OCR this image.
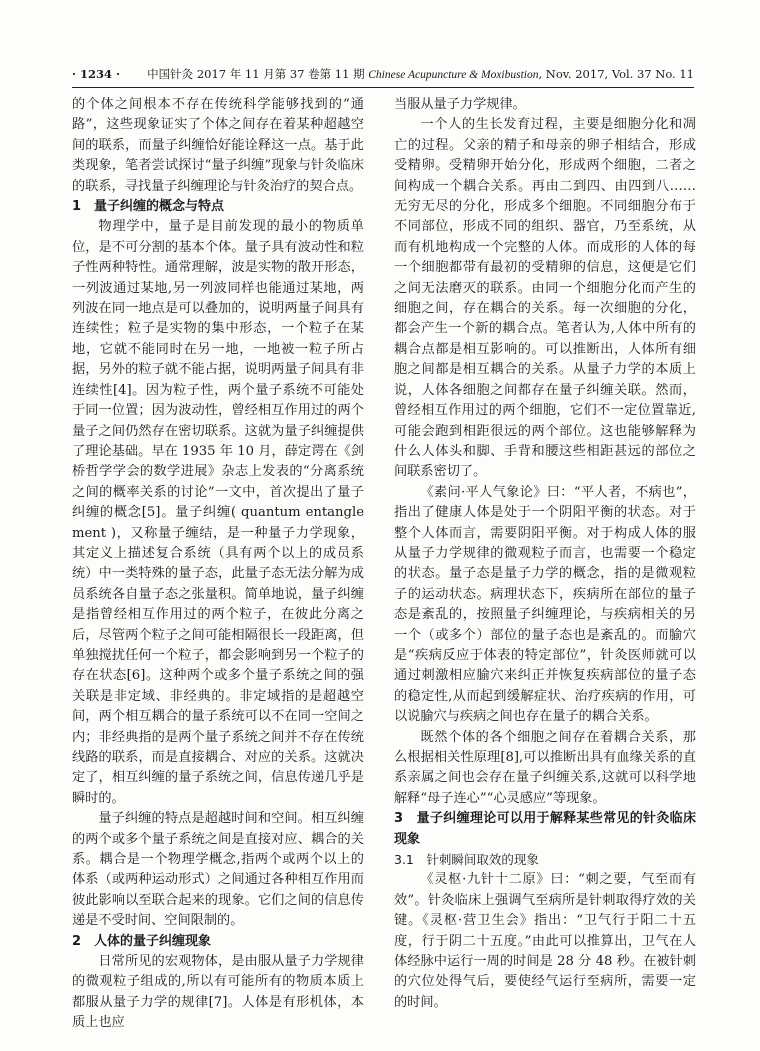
· 1234 · 中国针灸 2017 年 11 月第 37 卷第 11 期 Chinese Acupuncture & Moxibustion, Nov. 2017, Vol. 37 No. 11

的个体之间根本不存在传统科学能够找到的“通路”，这些现象证实了个体之间存在着某种超越空间的联系，而量子纠缠恰好能诠释这一点。基于此类现象，笔者尝试探讨“量子纠缠”现象与针灸临床的联系，寻找量子纠缠理论与针灸治疗的契合点。

1　量子纠缠的概念与特点

物理学中，量子是目前发现的最小的物质单位，是不可分割的基本个体。量子具有波动性和粒子性两种特性。通常理解，波是实物的散开形态，一列波通过某地,另一列波同样也能通过某地，两列波在同一地点是可以叠加的，说明两量子间具有连续性；粒子是实物的集中形态，一个粒子在某地，它就不能同时在另一地，一地被一粒子所占据，另外的粒子就不能占据，说明两量子间具有非连续性[4]。因为粒子性，两个量子系统不可能处于同一位置；因为波动性，曾经相互作用过的两个量子之间仍然存在密切联系。这就为量子纠缠提供了理论基础。早在 1935 年 10 月，薛定谔在《剑桥哲学学会的数学进展》杂志上发表的“分离系统之间的概率关系的讨论”一文中，首次提出了量子纠缠的概念[5]。量子纠缠( quantum entanglement )，又称量子缠结，是一种量子力学现象，其定义上描述复合系统（具有两个以上的成员系统）中一类特殊的量子态，此量子态无法分解为成员系统各自量子态之张量积。简单地说，量子纠缠是指曾经相互作用过的两个粒子，在彼此分离之后，尽管两个粒子之间可能相隔很长一段距离，但单独搅扰任何一个粒子，都会影响到另一个粒子的存在状态[6]。这种两个或多个量子系统之间的强关联是非定域、非经典的。非定域指的是超越空间，两个相互耦合的量子系统可以不在同一空间之内；非经典指的是两个量子系统之间并不存在传统线路的联系，而是直接耦合、对应的关系。这就决定了，相互纠缠的量子系统之间，信息传递几乎是瞬时的。

量子纠缠的特点是超越时间和空间。相互纠缠的两个或多个量子系统之间是直接对应、耦合的关系。耦合是一个物理学概念,指两个或两个以上的体系（或两种运动形式）之间通过各种相互作用而彼此影响以至联合起来的现象。它们之间的信息传递是不受时间、空间限制的。

2　人体的量子纠缠现象

日常所见的宏观物体，是由服从量子力学规律的微观粒子组成的,所以有可能所有的物质本质上都服从量子力学的规律[7]。人体是有形机体，本质上也应

当服从量子力学规律。

一个人的生长发育过程，主要是细胞分化和凋亡的过程。父亲的精子和母亲的卵子相结合，形成受精卵。受精卵开始分化，形成两个细胞，二者之间构成一个耦合关系。再由二到四、由四到八……无穷无尽的分化，形成多个细胞。不同细胞分布于不同部位，形成不同的组织、器官，乃至系统，从而有机地构成一个完整的人体。而成形的人体的每一个细胞都带有最初的受精卵的信息，这便是它们之间无法磨灭的联系。由同一个细胞分化而产生的细胞之间，存在耦合的关系。每一次细胞的分化，都会产生一个新的耦合点。笔者认为,人体中所有的耦合点都是相互影响的。可以推断出，人体所有细胞之间都是相互耦合的关系。从量子力学的本质上说，人体各细胞之间都存在量子纠缠关联。然而，曾经相互作用过的两个细胞，它们不一定位置靠近,可能会跑到相距很远的两个部位。这也能够解释为什么人体头和脚、手背和腰这些相距甚远的部位之间联系密切了。

《素问·平人气象论》曰：“平人者，不病也”，指出了健康人体是处于一个阴阳平衡的状态。对于整个人体而言，需要阴阳平衡。对于构成人体的服从量子力学规律的微观粒子而言，也需要一个稳定的状态。量子态是量子力学的概念，指的是微观粒子的运动状态。病理状态下，疾病所在部位的量子态是紊乱的，按照量子纠缠理论，与疾病相关的另一个（或多个）部位的量子态也是紊乱的。而腧穴是“疾病反应于体表的特定部位”，针灸医师就可以通过刺激相应腧穴来纠正并恢复疾病部位的量子态的稳定性,从而起到缓解症状、治疗疾病的作用，可以说腧穴与疾病之间也存在量子的耦合关系。

既然个体的各个细胞之间存在着耦合关系，那么根据相关性原理[8],可以推断出具有血缘关系的直系亲属之间也会存在量子纠缠关系,这就可以科学地解释“母子连心”“心灵感应”等现象。

3　量子纠缠理论可以用于解释某些常见的针灸临床现象
3.1　针刺瞬间取效的现象

《灵枢·九针十二原》曰：“刺之要，气至而有效”。针灸临床上强调气至病所是针刺取得疗效的关键。《灵枢·营卫生会》指出：“卫气行于阳二十五度，行于阴二十五度。”由此可以推算出，卫气在人体经脉中运行一周的时间是 28 分 48 秒。在被针刺的穴位处得气后，要使经气运行至病所，需要一定的时间。
